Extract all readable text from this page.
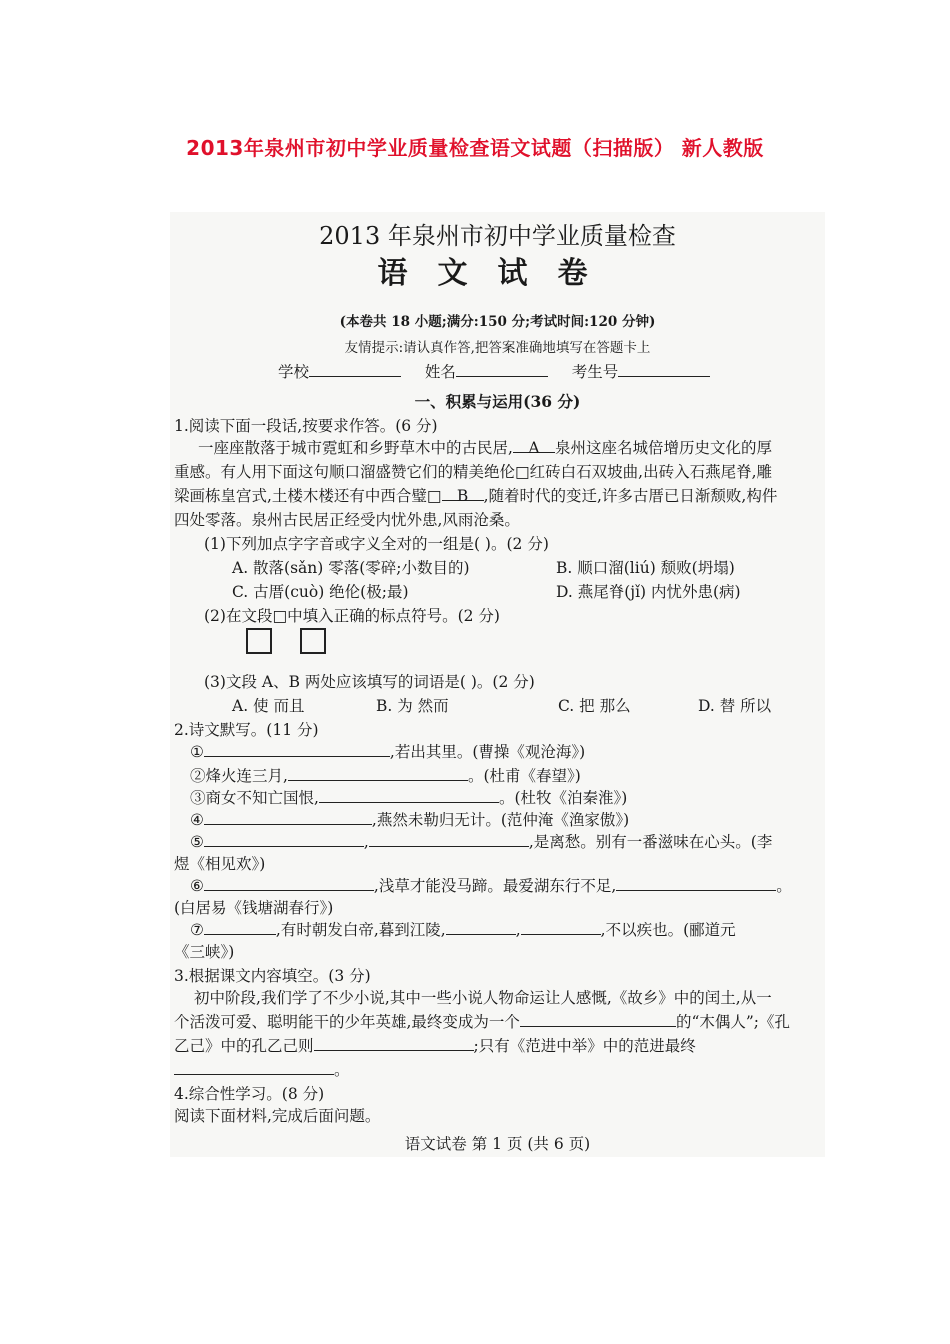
2013年泉州市初中学业质量检查语文试题（扫描版） 新人教版
2013 年泉州市初中学业质量检查
语文试卷
(本卷共 18 小题;满分:150 分;考试时间:120 分钟)
友情提示:请认真作答,把答案准确地填写在答题卡上
学校	姓名	考生号
一、积累与运用(36 分)
1.阅读下面一段话,按要求作答。(6 分)
一座座散落于城市霓虹和乡野草木中的古民居, A 泉州这座名城倍增历史文化的厚
重感。有人用下面这句顺口溜盛赞它们的精美绝伦□红砖白石双坡曲,出砖入石燕尾脊,雕
梁画栋皇宫式,土楼木楼还有中西合璧□ B ,随着时代的变迁,许多古厝已日渐颓败,构件
四处零落。泉州古民居正经受内忧外患,风雨沧桑。
(1)下列加点字字音或字义全对的一组是( )。(2 分)
A. 散落(sǎn) 零落(零碎;小数目的)	B. 顺口溜(liú) 颓败(坍塌)
C. 古厝(cuò) 绝伦(极;最)	D. 燕尾脊(jǐ) 内忧外患(病)
(2)在文段□中填入正确的标点符号。(2 分)
(3)文段 A、B 两处应该填写的词语是( )。(2 分)
A. 使 而且	B. 为 然而	C. 把 那么	D. 替 所以
2.诗文默写。(11 分)
①	,若出其里。(曹操《观沧海》)
②烽火连三月,	。(杜甫《春望》)
③商女不知亡国恨,	。(杜牧《泊秦淮》)
④	,燕然未勒归无计。(范仲淹《渔家傲》)
⑤	,	,是离愁。别有一番滋味在心头。(李
煜《相见欢》)
⑥	,浅草才能没马蹄。最爱湖东行不足,	。
(白居易《钱塘湖春行》)
⑦	,有时朝发白帝,暮到江陵,	,	,不以疾也。(郦道元
《三峡》)
3.根据课文内容填空。(3 分)
初中阶段,我们学了不少小说,其中一些小说人物命运让人感慨,《故乡》中的闰土,从一
个活泼可爱、聪明能干的少年英雄,最终变成为一个	的“木偶人”;《孔
乙己》中的孔乙己则	;只有《范进中举》中的范进最终
。
4.综合性学习。(8 分)
阅读下面材料,完成后面问题。
语文试卷 第 1 页 (共 6 页)
